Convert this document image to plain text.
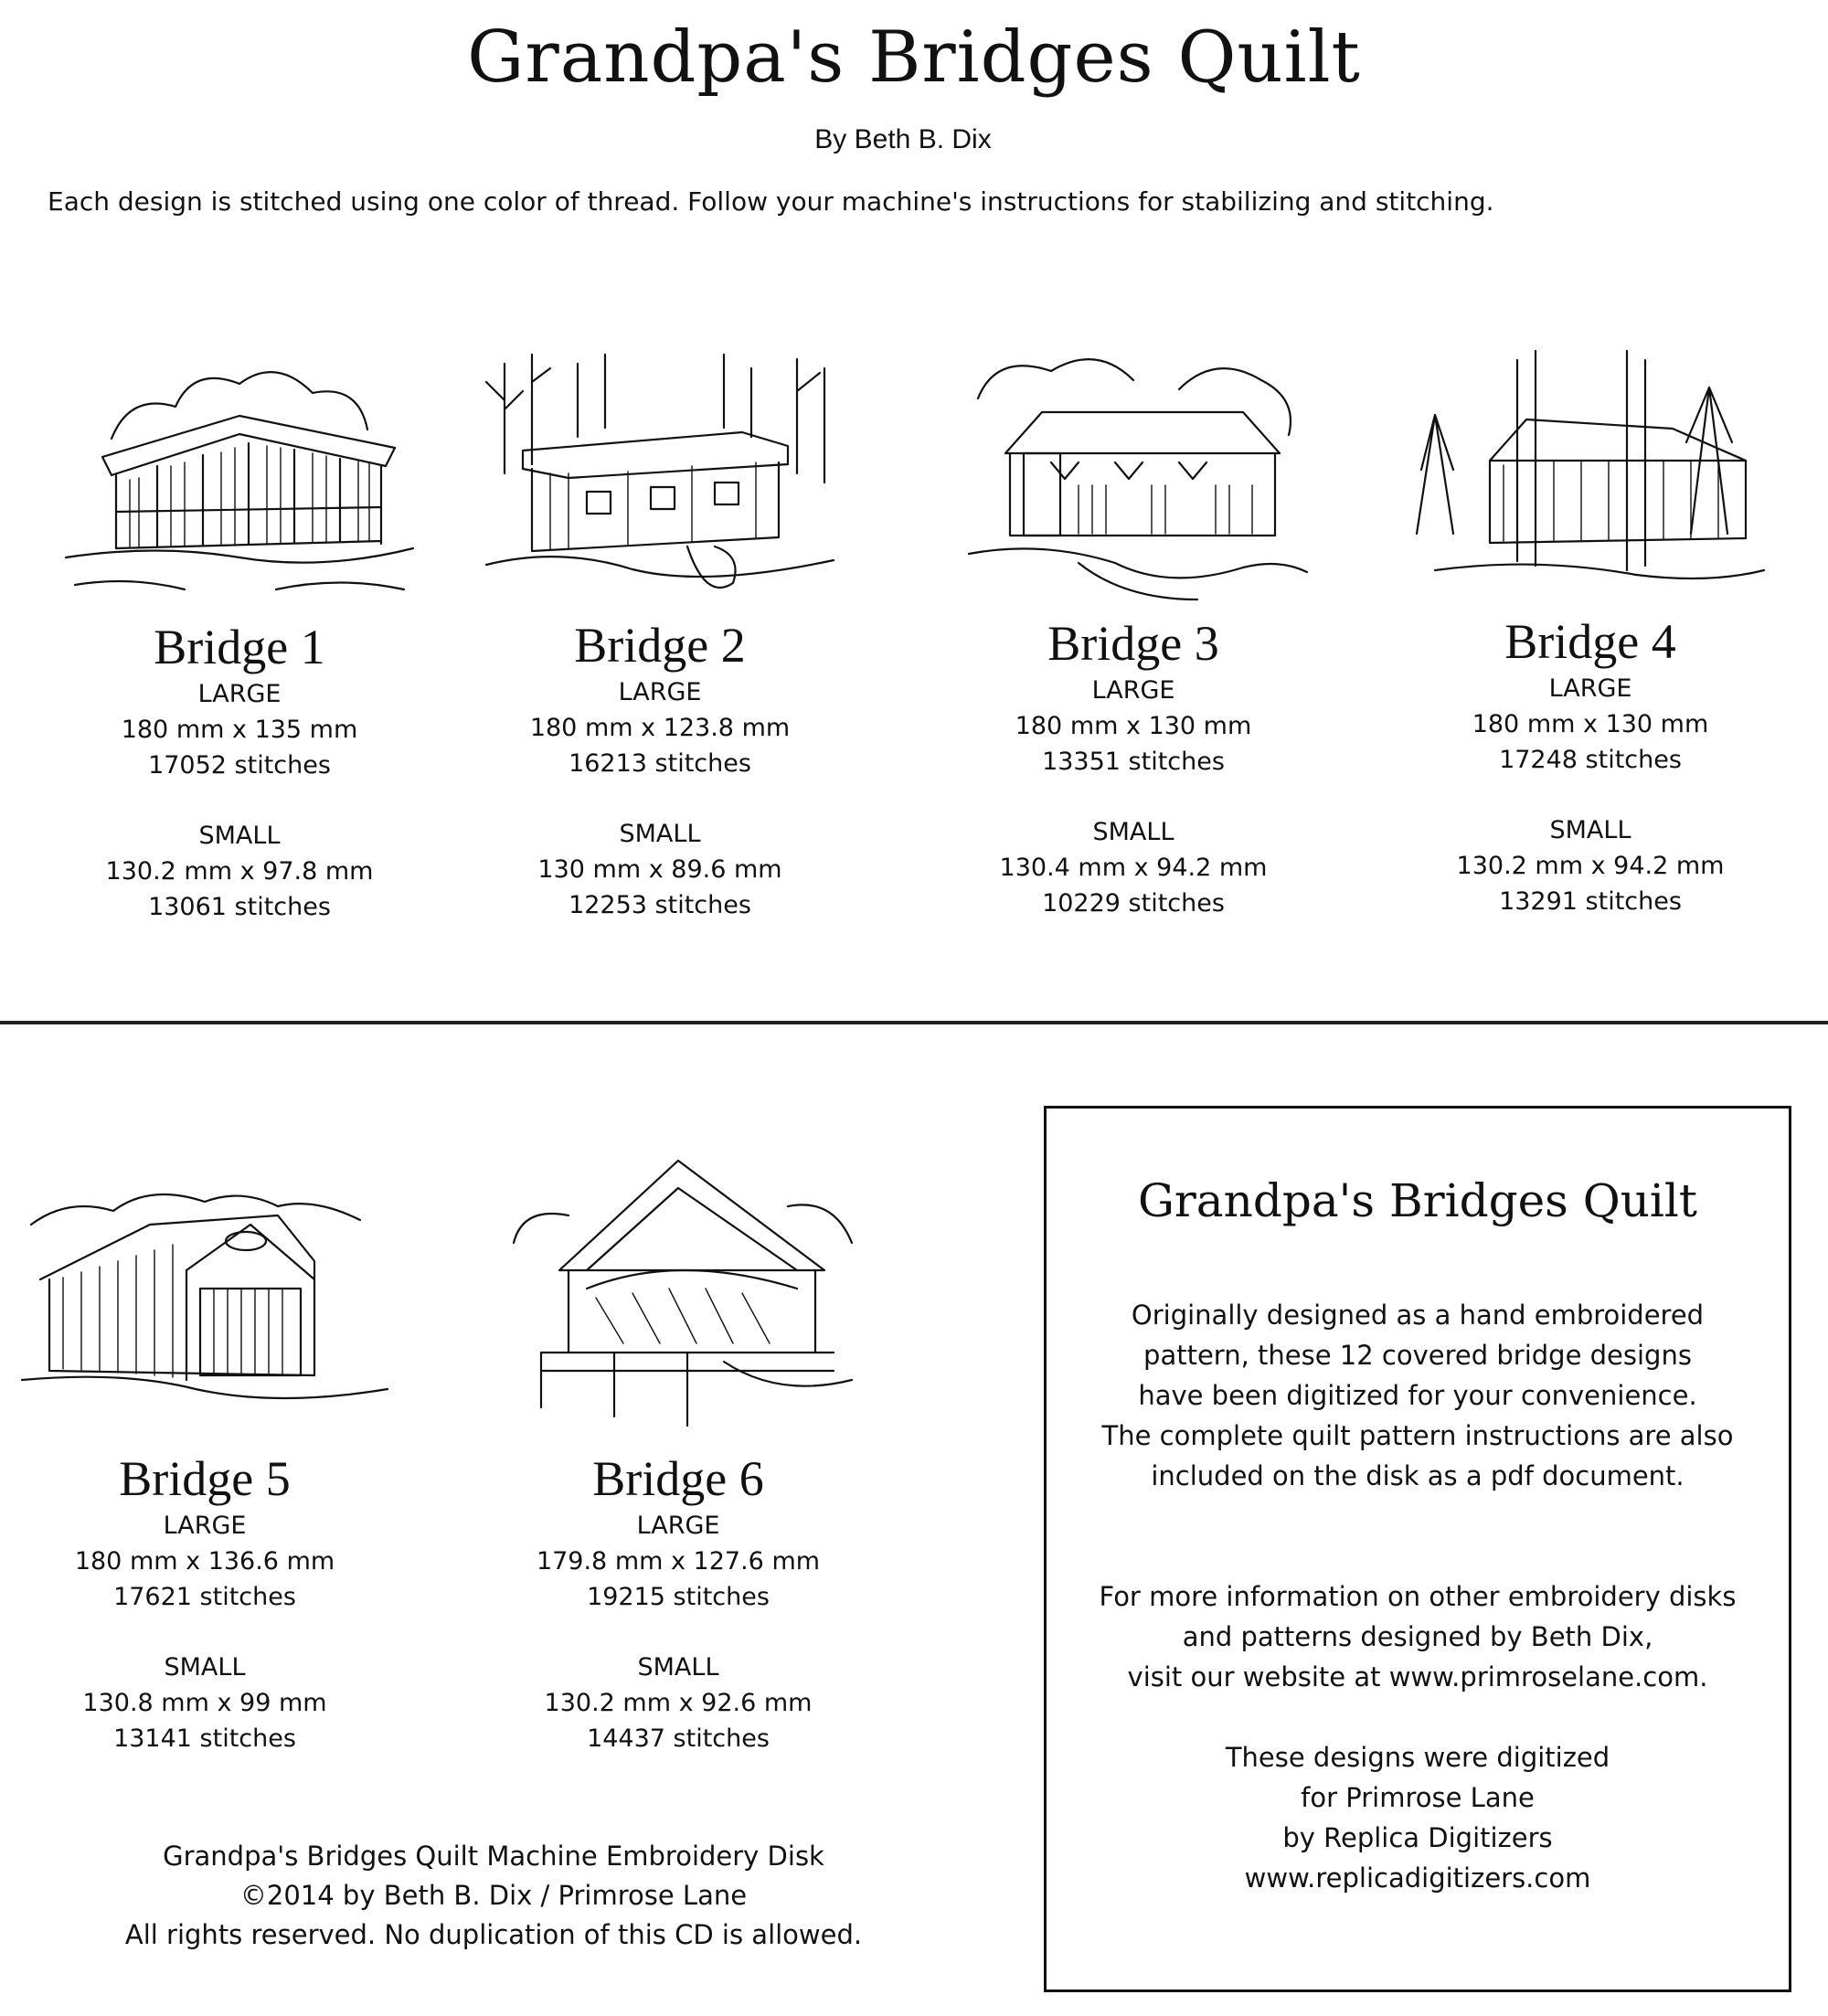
Grandpa's Bridges Quilt
By Beth B. Dix
Each design is stitched using one color of thread. Follow your machine's instructions for stabilizing and stitching.
Bridge 1
LARGE
180 mm x 135 mm
17052 stitches
SMALL
130.2 mm x 97.8 mm
13061 stitches
Bridge 2
LARGE
180 mm x 123.8 mm
16213 stitches
SMALL
130 mm x 89.6 mm
12253 stitches
Bridge 3
LARGE
180 mm x 130 mm
13351 stitches
SMALL
130.4 mm x 94.2 mm
10229 stitches
Bridge 4
LARGE
180 mm x 130 mm
17248 stitches
SMALL
130.2 mm x 94.2 mm
13291 stitches
Bridge 5
LARGE
180 mm x 136.6 mm
17621 stitches
SMALL
130.8 mm x 99 mm
13141 stitches
Bridge 6
LARGE
179.8 mm x 127.6 mm
19215 stitches
SMALL
130.2 mm x 92.6 mm
14437 stitches
Grandpa's Bridges Quilt
Originally designed as a hand embroidered
pattern, these 12 covered bridge designs
have been digitized for your convenience.
The complete quilt pattern instructions are also
included on the disk as a pdf document.
For more information on other embroidery disks
and patterns designed by Beth Dix,
visit our website at www.primroselane.com.
These designs were digitized
for Primrose Lane
by Replica Digitizers
www.replicadigitizers.com
Grandpa's Bridges Quilt Machine Embroidery Disk
©2014 by Beth B. Dix / Primrose Lane
All rights reserved. No duplication of this CD is allowed.
